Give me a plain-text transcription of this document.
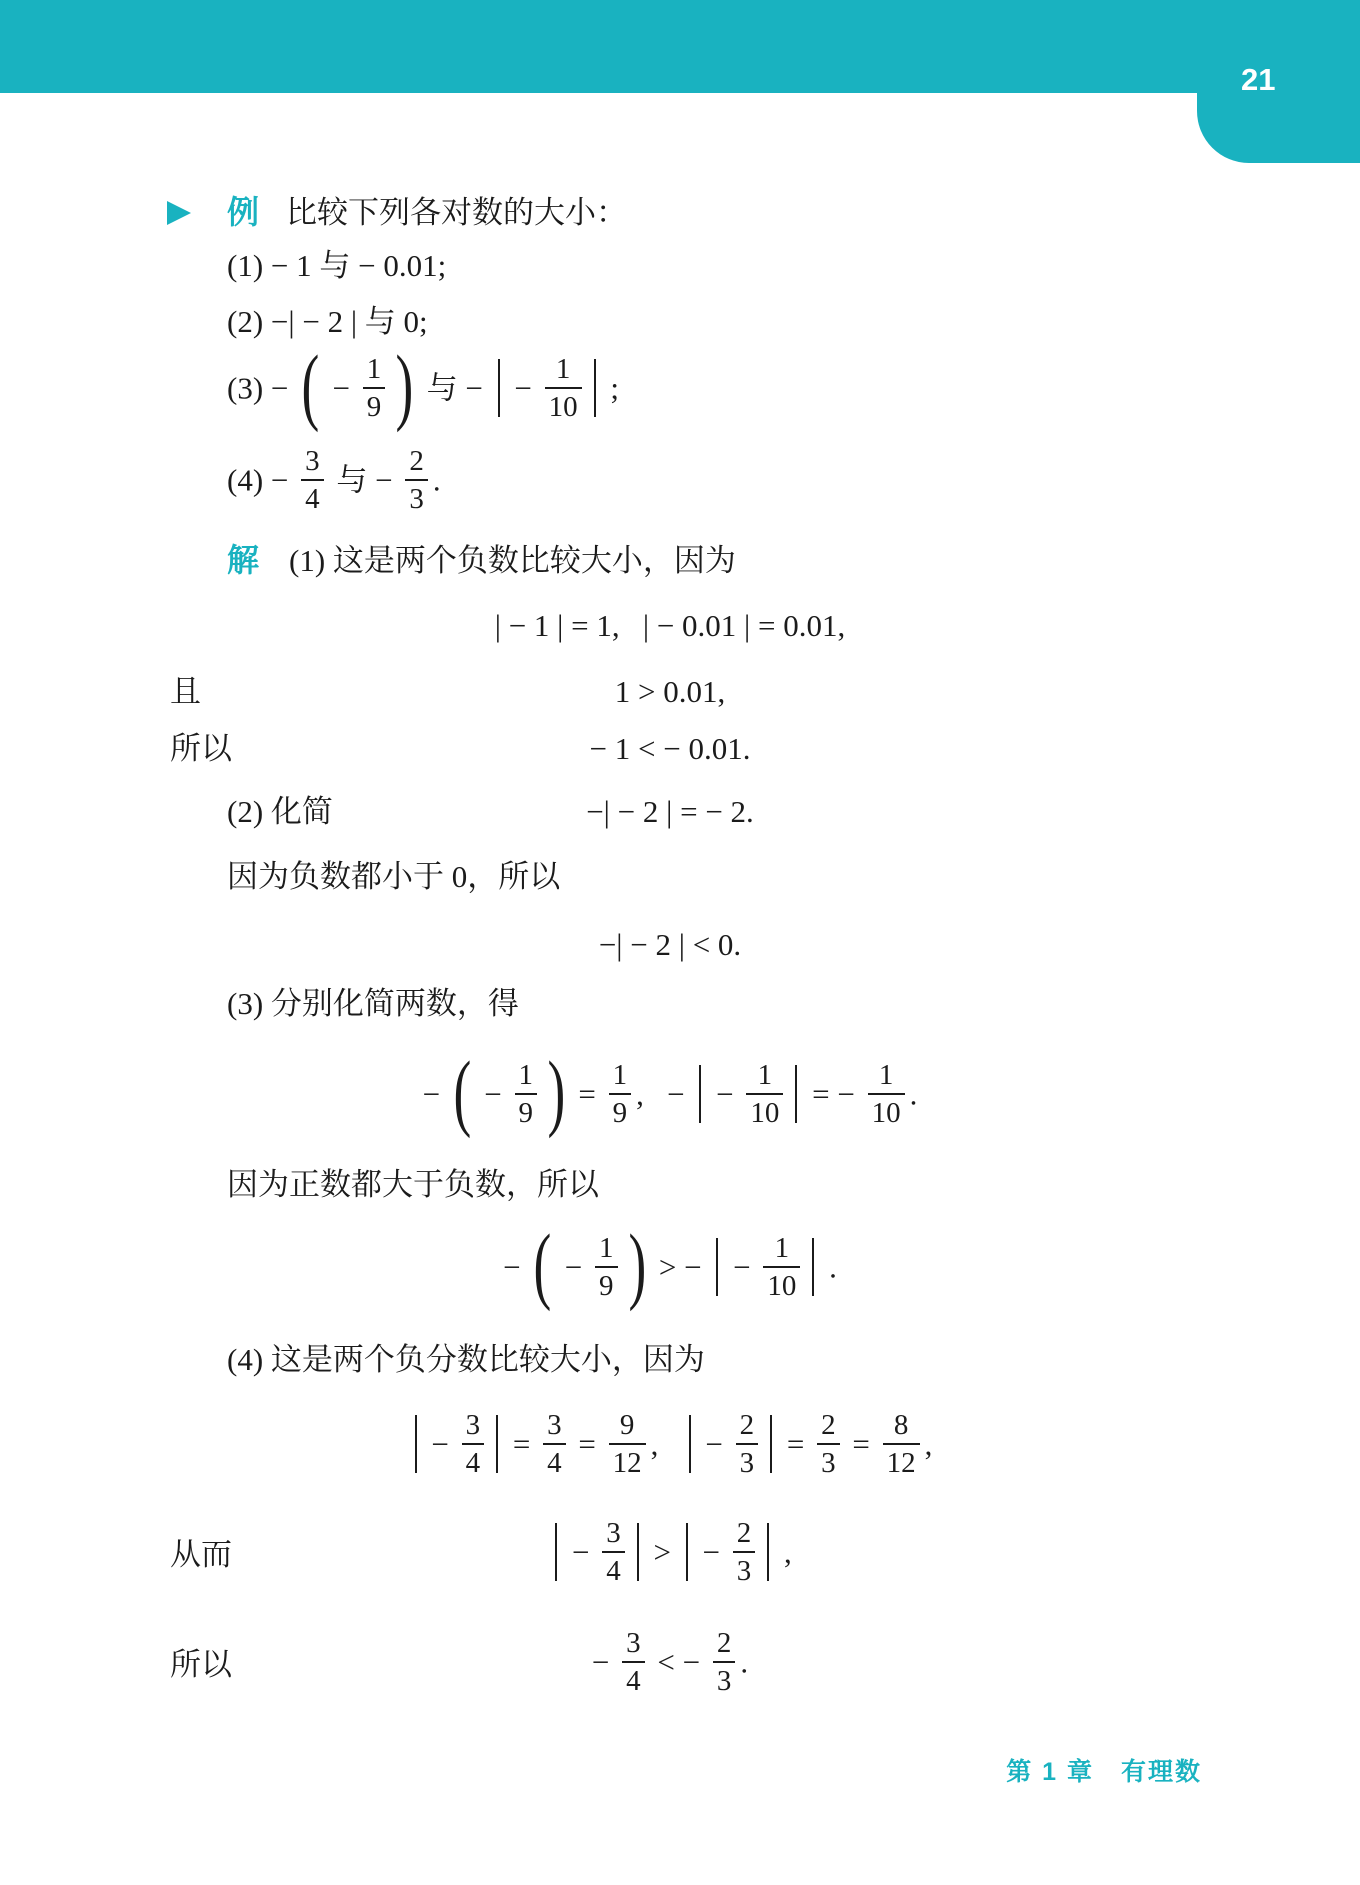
21
例 比较下列各对数的大小：
(1) − 1 与 − 0.01;
(2) −| − 2 | 与 0;
(3) − ( − $\frac{1}{9}$ ) 与 −  − $\frac{1}{10}$ ;
$(4) - \frac{3}{4}$ 与 − $\frac{2}{3}$ .
解 (1) 这是两个负数比较大小，因为
| − 1 | = 1,   | − 0.01 | = 0.01,
且	1 > 0.01,
所以	− 1 < − 0.01.
(2) 化简	−| − 2 | = − 2.
因为负数都小于 0，所以
−| − 2 | < 0.
(3) 分别化简两数，得
− ( − $\frac{1}{9}$ ) = $\frac{1}{9}$ ,   −  − $\frac{1}{10}$ = − $\frac{1}{10}$ .
因为正数都大于负数，所以
− ( − $\frac{1}{9}$ ) > −  − $\frac{1}{10}$ .
(4) 这是两个负分数比较大小，因为
− $\frac{3}{4} = \frac{3}{4} = \frac{9}{12}$ ,    − $\frac{2}{3} = \frac{2}{3} = \frac{8}{12}$ ,
从而	− $\frac{3}{4}$ >  − $\frac{2}{3}$ ,
所以	− $\frac{3}{4}$ < − $\frac{2}{3}$ .
第 1 章　有理数
